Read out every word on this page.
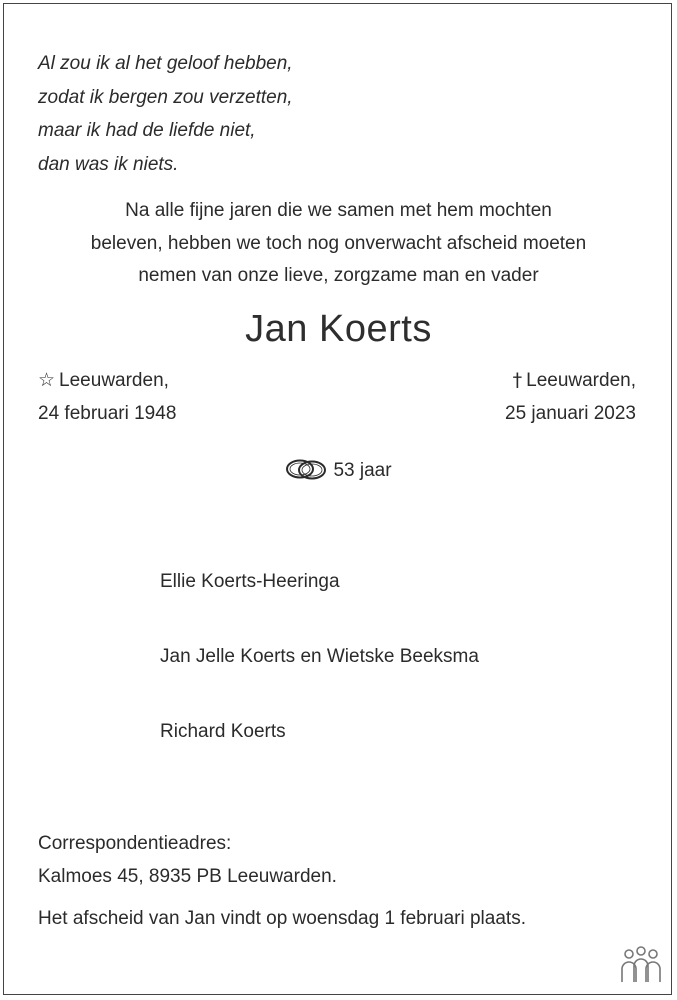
Al zou ik al het geloof hebben,
zodat ik bergen zou verzetten,
maar ik had de liefde niet,
dan was ik niets.
Na alle fijne jaren die we samen met hem mochten
beleven, hebben we toch nog onverwacht afscheid moeten
nemen van onze lieve, zorgzame man en vader
Jan Koerts
☆ Leeuwarden,
24 februari 1948
† Leeuwarden,
25 januari 2023
53 jaar
Ellie Koerts-Heeringa
Jan Jelle Koerts en Wietske Beeksma
Richard Koerts
Correspondentieadres:
Kalmoes 45, 8935 PB Leeuwarden.
Het afscheid van Jan vindt op woensdag 1 februari plaats.
